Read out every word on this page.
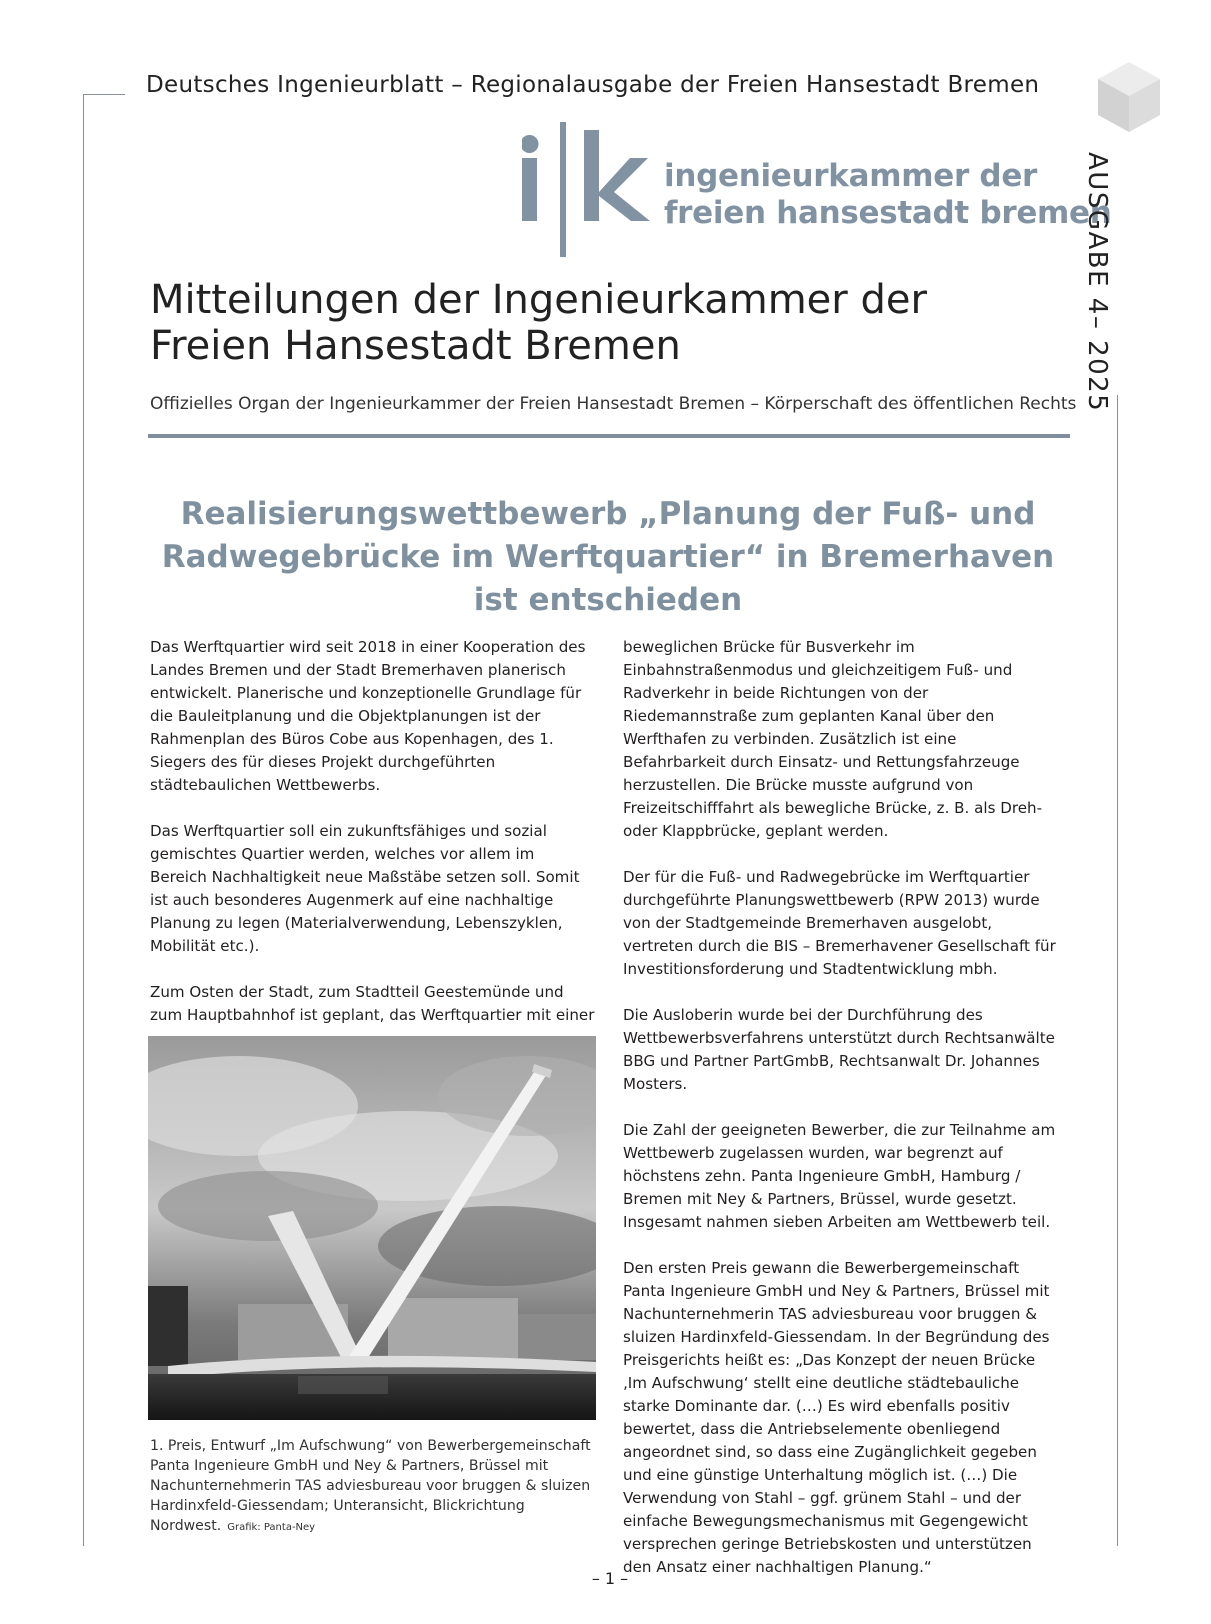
Deutsches Ingenieurblatt – Regionalausgabe der Freien Hansestadt Bremen
ingenieurkammer der
freien hansestadt bremen
AUSGABE 4– 2025
Mitteilungen der Ingenieurkammer der Freien Hansestadt Bremen
Offizielles Organ der Ingenieurkammer der Freien Hansestadt Bremen – Körperschaft des öffentlichen Rechts
Realisierungswettbewerb „Planung der Fuß- und Radwegebrücke im Werftquartier“ in Bremerhaven ist entschieden

Das Werftquartier wird seit 2018 in einer Kooperation des Landes Bremen und der Stadt Bremerhaven planerisch entwickelt. Planerische und konzeptionelle Grundlage für die Bauleitplanung und die Objektplanungen ist der Rahmenplan des Büros Cobe aus Kopenhagen, des 1. Siegers des für dieses Projekt durchgeführten städtebaulichen Wettbewerbs.

Das Werftquartier soll ein zukunftsfähiges und sozial gemischtes Quartier werden, welches vor allem im Bereich Nachhaltigkeit neue Maßstäbe setzen soll. Somit ist auch besonderes Augenmerk auf eine nachhaltige Planung zu legen (Materialverwendung, Lebenszyklen, Mobilität etc.).

Zum Osten der Stadt, zum Stadtteil Geestemünde und zum Hauptbahnhof ist geplant, das Werftquartier mit einer

1. Preis, Entwurf „Im Aufschwung“ von Bewerbergemeinschaft Panta Ingenieure GmbH und Ney & Partners, Brüssel mit Nachunternehmerin TAS adviesbureau voor bruggen & sluizen Hardinxfeld-Giessendam; Unteransicht, Blickrichtung Nordwest. Grafik: Panta-Ney

beweglichen Brücke für Busverkehr im Einbahnstraßenmodus und gleichzeitigem Fuß- und Radverkehr in beide Richtungen von der Riedemannstraße zum geplanten Kanal über den Werfthafen zu verbinden. Zusätzlich ist eine Befahrbarkeit durch Einsatz- und Rettungsfahrzeuge herzustellen. Die Brücke musste aufgrund von Freizeitschifffahrt als bewegliche Brücke, z. B. als Dreh- oder Klappbrücke, geplant werden.

Der für die Fuß- und Radwegebrücke im Werftquartier durchgeführte Planungswettbewerb (RPW 2013) wurde von der Stadtgemeinde Bremerhaven ausgelobt, vertreten durch die BIS – Bremerhavener Gesellschaft für Investitionsforderung und Stadtentwicklung mbh.

Die Ausloberin wurde bei der Durchführung des Wettbewerbsverfahrens unterstützt durch Rechtsanwälte BBG und Partner PartGmbB, Rechtsanwalt Dr. Johannes Mosters.

Die Zahl der geeigneten Bewerber, die zur Teilnahme am Wettbewerb zugelassen wurden, war begrenzt auf höchstens zehn. Panta Ingenieure GmbH, Hamburg / Bremen mit Ney & Partners, Brüssel, wurde gesetzt. Insgesamt nahmen sieben Arbeiten am Wettbewerb teil.

Den ersten Preis gewann die Bewerbergemeinschaft Panta Ingenieure GmbH und Ney & Partners, Brüssel mit Nachunternehmerin TAS adviesbureau voor bruggen & sluizen Hardinxfeld-Giessendam. In der Begründung des Preisgerichts heißt es: „Das Konzept der neuen Brücke ‚Im Aufschwung‘ stellt eine deutliche städtebauliche starke Dominante dar. (…) Es wird ebenfalls positiv bewertet, dass die Antriebselemente obenliegend angeordnet sind, so dass eine Zugänglichkeit gegeben und eine günstige Unterhaltung möglich ist. (…) Die Verwendung von Stahl – ggf. grünem Stahl – und der einfache Bewegungsmechanismus mit Gegengewicht versprechen geringe Betriebskosten und unterstützen den Ansatz einer nachhaltigen Planung.“

– 1 –
